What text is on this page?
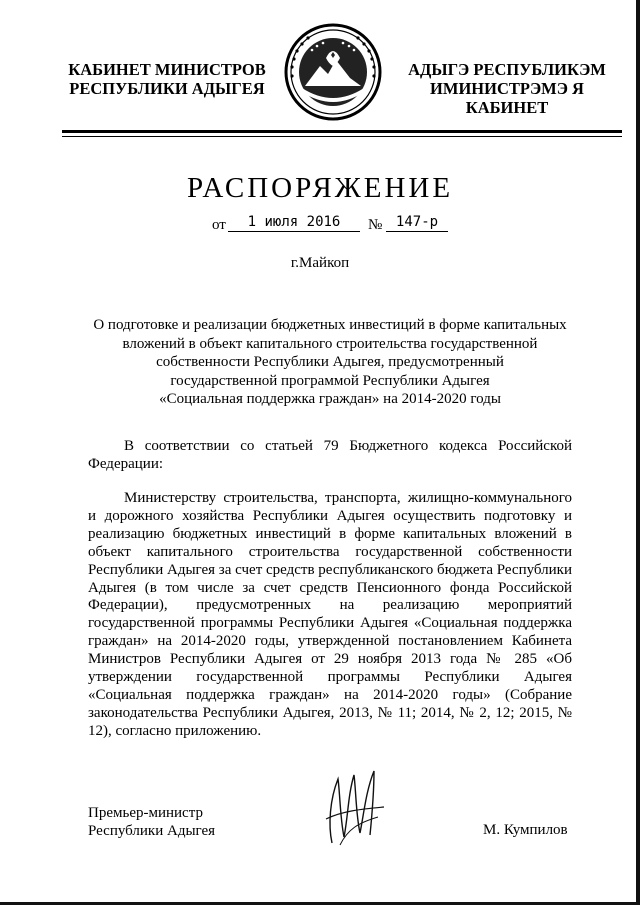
КАБИНЕТ МИНИСТРОВ
РЕСПУБЛИКИ АДЫГЕЯ
АДЫГЭ РЕСПУБЛИКЭМ
ИМИНИСТРЭМЭ Я КАБИНЕТ
РАСПОРЯЖЕНИЕ
от	1 июля 2016	№ 147-р
г.Майкоп
О подготовке и реализации бюджетных инвестиций в форме капитальных
вложений в объект капитального строительства государственной
собственности Республики Адыгея, предусмотренный
государственной программой Республики Адыгея
«Социальная поддержка граждан» на 2014-2020 годы

В соответствии со статьей 79 Бюджетного кодекса Российской Федерации:

Министерству строительства, транспорта, жилищно-коммунального и дорожного хозяйства Республики Адыгея осуществить подготовку и реализацию бюджетных инвестиций в форме капитальных вложений в объект капитального строительства государственной собственности Республики Адыгея за счет средств республиканского бюджета Республики Адыгея (в том числе за счет средств Пенсионного фонда Российской Федерации), предусмотренных на реализацию мероприятий государственной программы Республики Адыгея «Социальная поддержка граждан» на 2014-2020 годы, утвержденной постановлением Кабинета Министров Республики Адыгея от 29 ноября 2013 года № 285 «Об утверждении государственной программы Республики Адыгея «Социальная поддержка граждан» на 2014-2020 годы» (Собрание законодательства Республики Адыгея, 2013, № 11; 2014, № 2, 12; 2015, № 12), согласно приложению.

Премьер-министр
Республики Адыгея	М. Кумпилов
